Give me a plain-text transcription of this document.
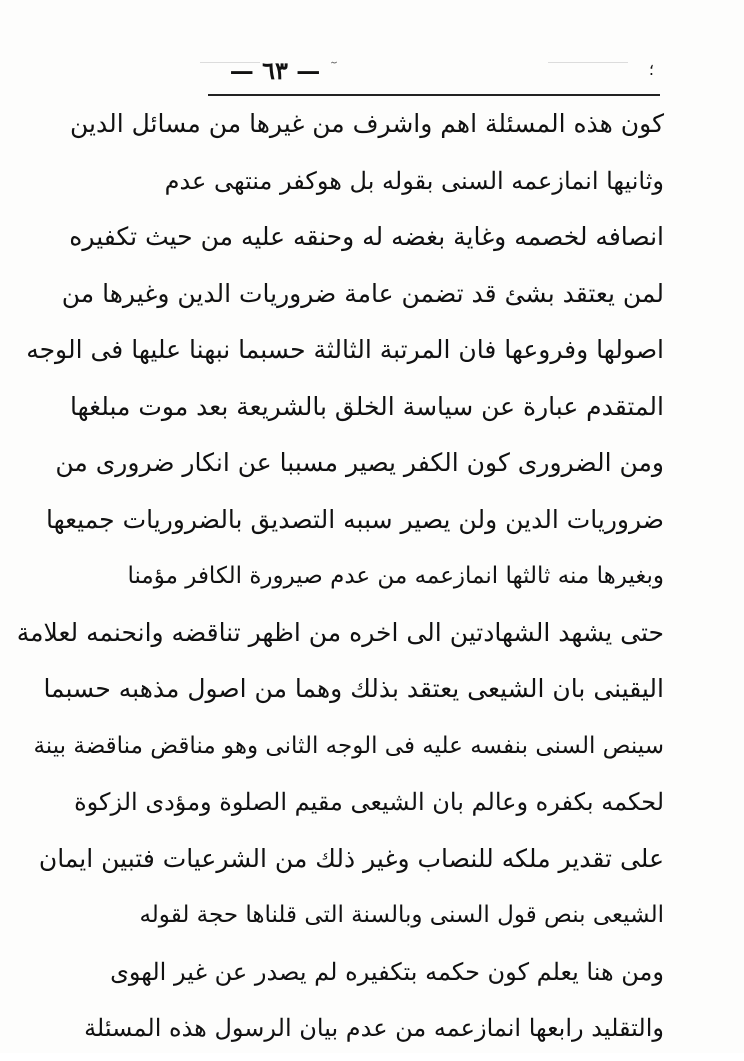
— ٦٣ —	؛
كون هذه المسئلة اهم واشرف من غيرها من مسائل الدين
وثانيها انمازعمه السنى بقوله بل هوكفر منتهى عدم
انصافه لخصمه وغاية بغضه له وحنقه عليه من حيث تكفيره
لمن يعتقد بشئ قد تضمن عامة ضروريات الدين وغيرها من
اصولها وفروعها فان المرتبة الثالثة حسبما نبهنا عليها فى الوجه
المتقدم عبارة عن سياسة الخلق بالشريعة بعد موت مبلغها
ومن الضرورى كون الكفر يصير مسببا عن انكار ضرورى من
ضروريات الدين ولن يصير سببه التصديق بالضروريات جميعها
وبغيرها منه ثالثها انمازعمه من عدم صيرورة الكافر مؤمنا
حتى يشهد الشهادتين الى اخره من اظهر تناقضه وانحنمه لعلامة
اليقينى بان الشيعى يعتقد بذلك وهما من اصول مذهبه حسبما
سينص السنى بنفسه عليه فى الوجه الثانى وهو مناقض مناقضة بينة
لحكمه بكفره وعالم بان الشيعى مقيم الصلوة ومؤدى الزكوة
على تقدير ملكه للنصاب وغير ذلك من الشرعيات فتبين ايمان
الشيعى بنص قول السنى وبالسنة التى قلناها حجة لقوله
ومن هنا يعلم كون حكمه بتكفيره لم يصدر عن غير الهوى
والتقليد رابعها انمازعمه من عدم بيان الرسول هذه المسئلة
